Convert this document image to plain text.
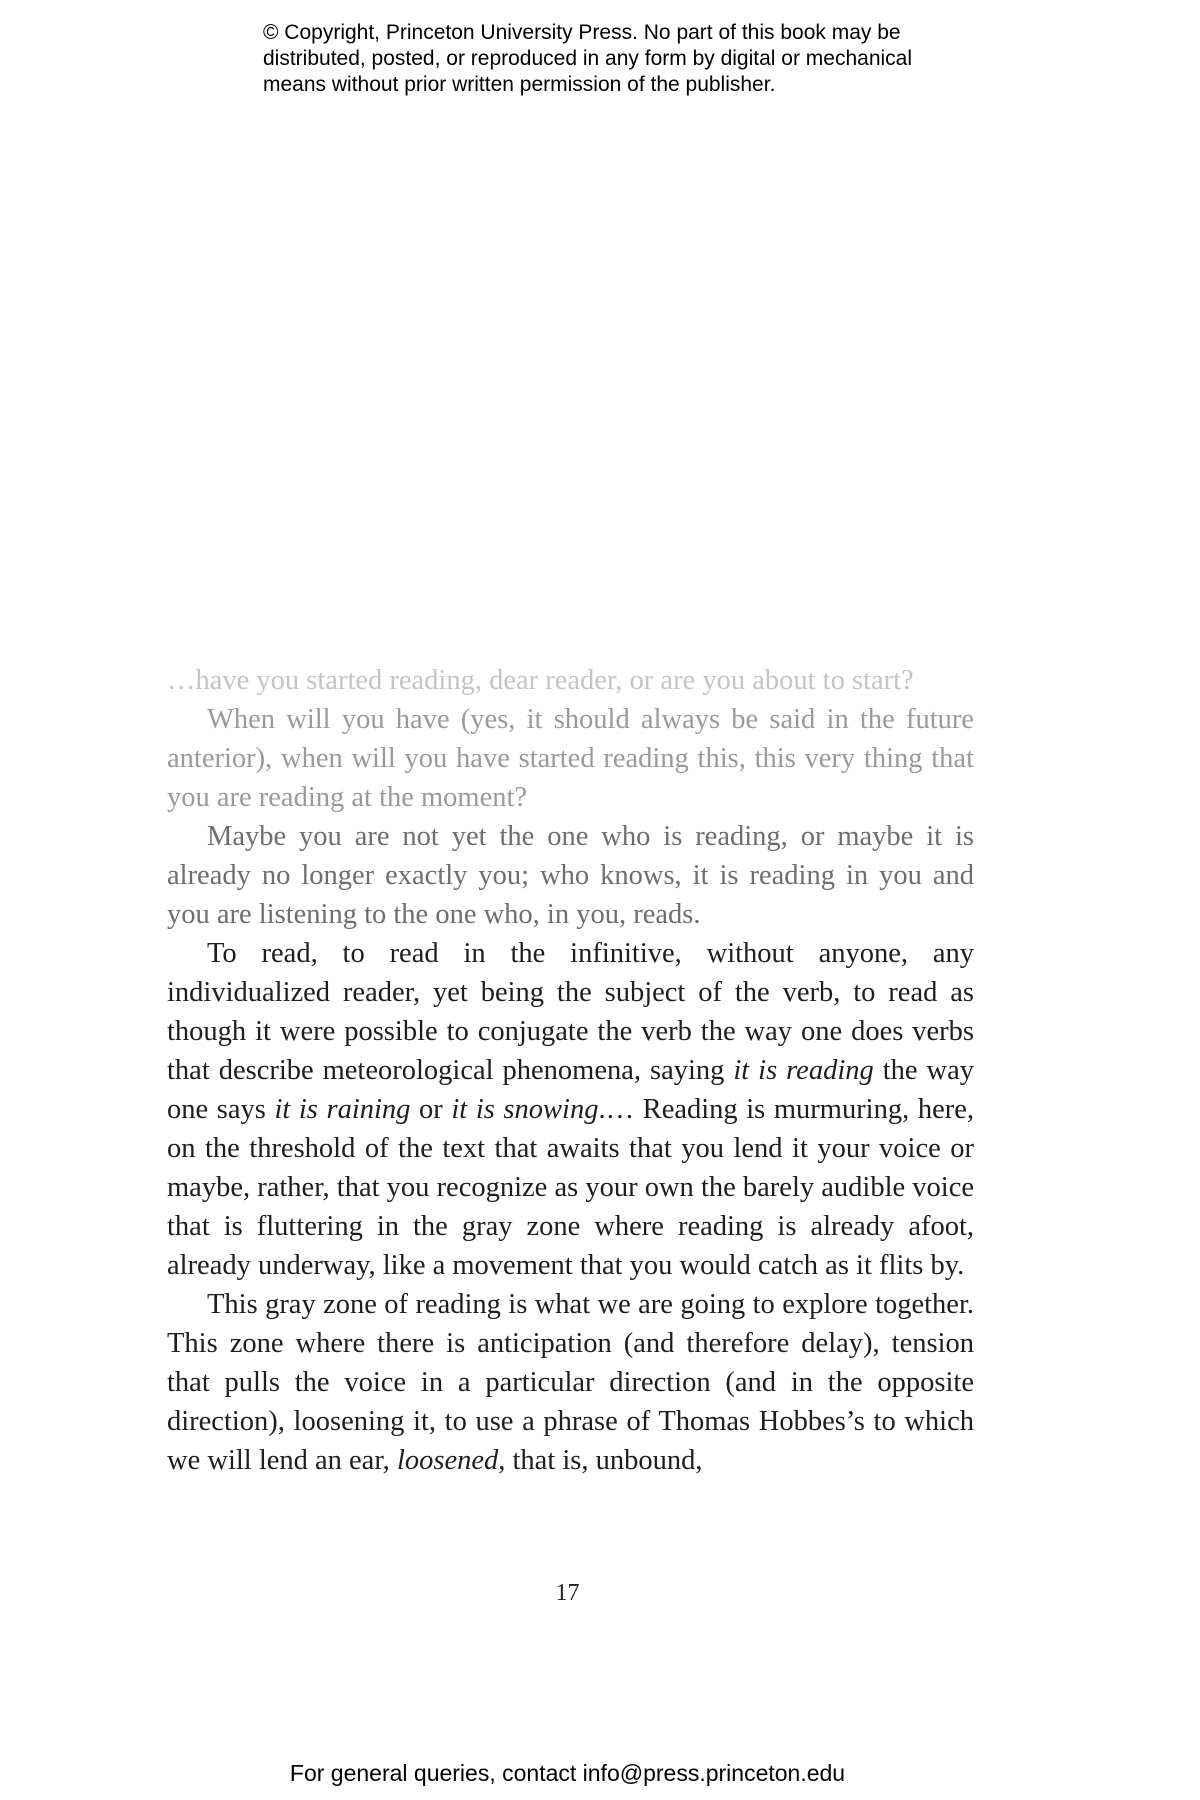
© Copyright, Princeton University Press. No part of this book may be
distributed, posted, or reproduced in any form by digital or mechanical
means without prior written permission of the publisher.

…have you started reading, dear reader, or are you about to start?

When will you have (yes, it should always be said in the future anterior), when will you have started reading this, this very thing that you are reading at the moment?

Maybe you are not yet the one who is reading, or maybe it is already no longer exactly you; who knows, it is reading in you and you are listening to the one who, in you, reads.

To read, to read in the infinitive, without anyone, any individualized reader, yet being the subject of the verb, to read as though it were possible to conjugate the verb the way one does verbs that describe meteorological phenomena, saying it is reading the way one says it is raining or it is snowing.… Reading is murmuring, here, on the threshold of the text that awaits that you lend it your voice or maybe, rather, that you recognize as your own the barely audible voice that is fluttering in the gray zone where reading is already afoot, already underway, like a movement that you would catch as it flits by.

This gray zone of reading is what we are going to explore together. This zone where there is anticipation (and therefore delay), tension that pulls the voice in a particular direction (and in the opposite direction), loosening it, to use a phrase of Thomas Hobbes’s to which we will lend an ear, loosened, that is, unbound,

17
For general queries, contact info@press.princeton.edu
